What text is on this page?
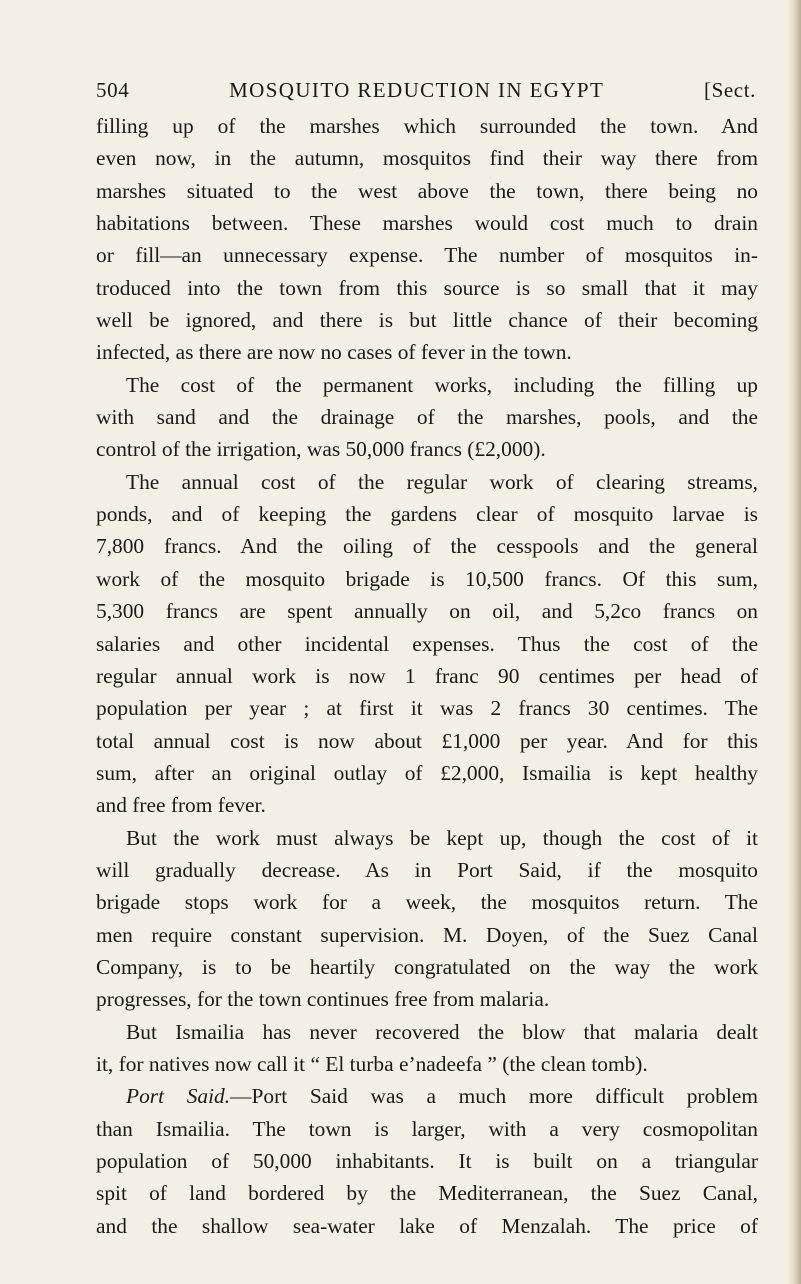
504	MOSQUITO REDUCTION IN EGYPT	[Sect.
filling up of the marshes which surrounded the town. And
even now, in the autumn, mosquitos find their way there from
marshes situated to the west above the town, there being no
habitations between. These marshes would cost much to drain
or fill—an unnecessary expense. The number of mosquitos in-
troduced into the town from this source is so small that it may
well be ignored, and there is but little chance of their becoming
infected, as there are now no cases of fever in the town.
The cost of the permanent works, including the filling up
with sand and the drainage of the marshes, pools, and the
control of the irrigation, was 50,000 francs (£2,000).
The annual cost of the regular work of clearing streams,
ponds, and of keeping the gardens clear of mosquito larvae is
7,800 francs. And the oiling of the cesspools and the general
work of the mosquito brigade is 10,500 francs. Of this sum,
5,300 francs are spent annually on oil, and 5,2co francs on
salaries and other incidental expenses. Thus the cost of the
regular annual work is now 1 franc 90 centimes per head of
population per year ; at first it was 2 francs 30 centimes. The
total annual cost is now about £1,000 per year. And for this
sum, after an original outlay of £2,000, Ismailia is kept healthy
and free from fever.
But the work must always be kept up, though the cost of it
will gradually decrease. As in Port Said, if the mosquito
brigade stops work for a week, the mosquitos return. The
men require constant supervision. M. Doyen, of the Suez Canal
Company, is to be heartily congratulated on the way the work
progresses, for the town continues free from malaria.
But Ismailia has never recovered the blow that malaria dealt
it, for natives now call it “ El turba e’nadeefa ” (the clean tomb).
Port Said.—Port Said was a much more difficult problem
than Ismailia. The town is larger, with a very cosmopolitan
population of 50,000 inhabitants. It is built on a triangular
spit of land bordered by the Mediterranean, the Suez Canal,
and the shallow sea-water lake of Menzalah. The price of
